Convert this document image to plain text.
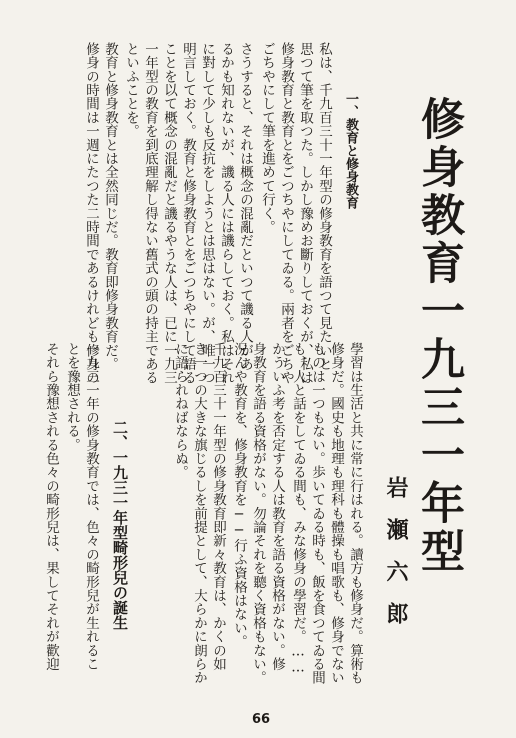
修身教育一九三一年型
岩瀬六郎
一、教育と修身教育
私は、千九百三十一年型の修身教育を語つて見たいと
思つて筆を取つた。しかし豫めお斷りしておくが、私は
修身教育と教育とをごつちやにしてゐる。兩者をごちや
ごちやにして筆を進めて行く。
さうすると、それは概念の混亂だといつて譏る人があ
るかも知れないが、譏る人には譏らしておく。私はそれ
に對して少しも反抗をしようとは思はない。が、唯一つ
明言しておく。教育と修身教育とをごつちやにして語る
ことを以て概念の混亂だと譏るやうな人は、已に一九三
一年型の教育を到底理解し得ない舊式の頭の持主である
といふことを。
教育と修身教育とは全然同じだ。教育即修身教育だ。
修身の時間は一週にたつた二時間であるけれども修身の
學習は生活と共に常に行はれる。讀方も修身だ。算術も
修身だ。國史も地理も理科も體操も唱歌も、修身でない
ものは一つもない。歩いてゐる時も、飯を食つてゐる間
も、人と話をしてゐる間も、みな修身の學習だ。……
かういふ考を否定する人は教育を語る資格がない。修
身教育を語る資格がない。勿論それを聽く資格もない。
況んや教育を、修身教育を──行ふ資格はない。
千九百三十一年型の修身教育即新々教育は、かくの如
き一つの大きな旗じるしを前提として、大らかに朗らか
に語られねばならぬ。
二、一九三一年型畸形兒の誕生
一九三一年の修身教育では、色々の畸形兒が生れるこ
とを豫想される。
それら豫想される色々の畸形兒は、果してそれが歡迎
66
